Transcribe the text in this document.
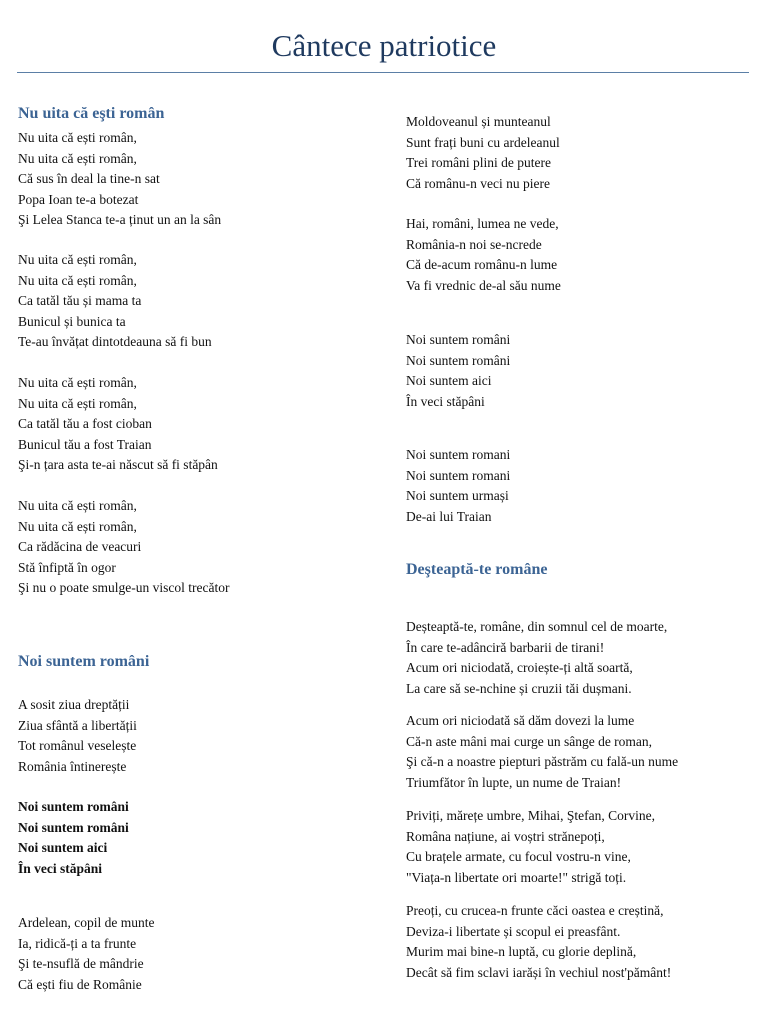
Cântece patriotice
Nu uita că eşti român
Nu uita că ești român,
Nu uita că ești român,
Că sus în deal la tine-n sat
Popa Ioan te-a botezat
Şi Lelea Stanca te-a ținut un an la sân
Nu uita că ești român,
Nu uita că ești român,
Ca tatăl tău și mama ta
Bunicul și bunica ta
Te-au învățat dintotdeauna să fi bun
Nu uita că ești român,
Nu uita că ești român,
Ca tatăl tău a fost cioban
Bunicul tău a fost Traian
Şi-n țara asta te-ai născut să fi stăpân
Nu uita că ești român,
Nu uita că ești român,
Ca rădăcina de veacuri
Stă înfiptă în ogor
Şi nu o poate smulge-un viscol trecător
Noi suntem români
A sosit ziua dreptății
Ziua sfântă a libertății
Tot românul veselește
România întinerește
Noi suntem români
Noi suntem români
Noi suntem aici
În veci stăpâni
Ardelean, copil de munte
Ia, ridică-ți a ta frunte
Şi te-nsuflă de mândrie
Că ești fiu de Românie
Moldoveanul și munteanul
Sunt frați buni cu ardeleanul
Trei români plini de putere
Că românu-n veci nu piere
Hai, români, lumea ne vede,
România-n noi se-ncrede
Că de-acum românu-n lume
Va fi vrednic de-al său nume
Noi suntem români
Noi suntem români
Noi suntem aici
În veci stăpâni
Noi suntem romani
Noi suntem romani
Noi suntem urmași
De-ai lui Traian
Deşteaptă-te române
Deșteaptă-te, române, din somnul cel de moarte,
În care te-adânciră barbarii de tirani!
Acum ori niciodată, croiește-ți altă soartă,
La care să se-nchine și cruzii tăi dușmani.
Acum ori niciodată să dăm dovezi la lume
Că-n aste mâni mai curge un sânge de roman,
Şi că-n a noastre piepturi păstrăm cu fală-un nume
Triumfător în lupte, un nume de Traian!
Priviți, mărețe umbre, Mihai, Ştefan, Corvine,
Româna națiune, ai voștri strănepoți,
Cu brațele armate, cu focul vostru-n vine,
"Viața-n libertate ori moarte!" strigă toți.
Preoți, cu crucea-n frunte căci oastea e creștină,
Deviza-i libertate și scopul ei preasfânt.
Murim mai bine-n luptă, cu glorie deplină,
Decât să fim sclavi iarăși în vechiul nost'pământ!
